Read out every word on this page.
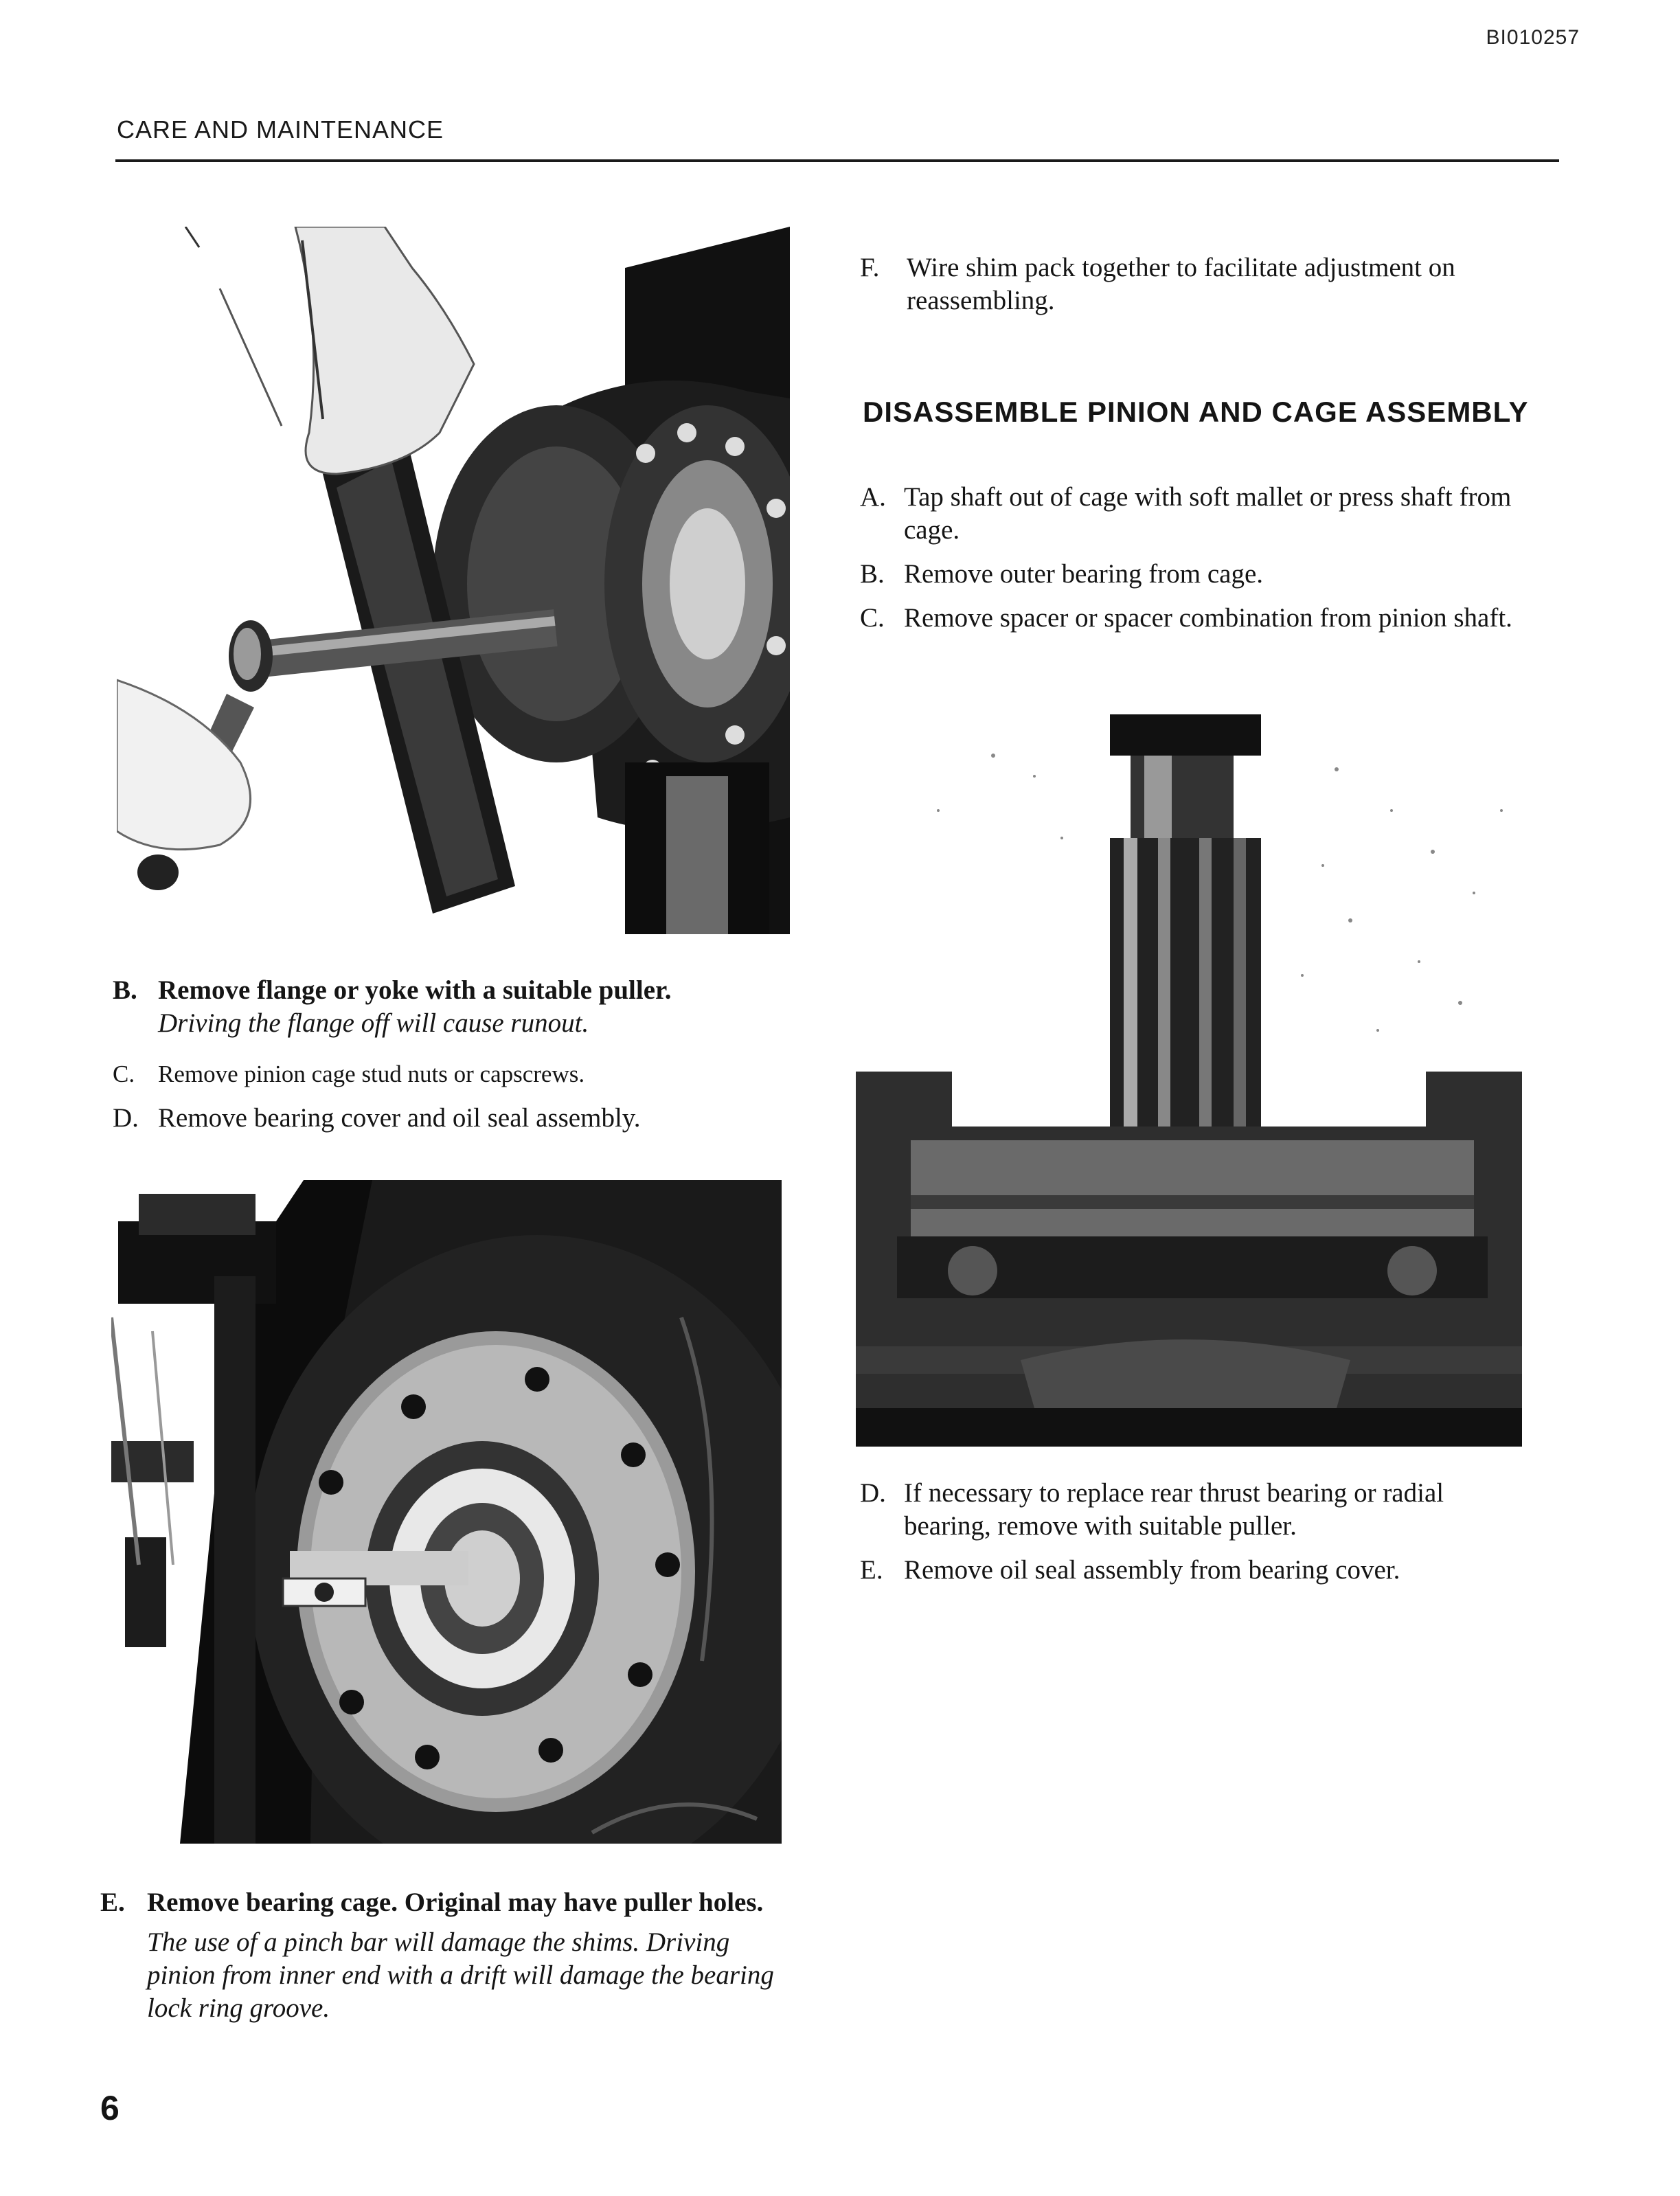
BI010257
CARE AND MAINTENANCE
B. Remove flange or yoke with a suitable puller.
Driving the flange off will cause runout.
C. Remove pinion cage stud nuts or capscrews.
D. Remove bearing cover and oil seal assembly.
E. Remove bearing cage. Original may have puller holes.
The use of a pinch bar will damage the shims. Driving pinion from inner end with a drift will damage the bearing lock ring groove.
F. Wire shim pack together to facilitate adjustment on reassembling.
DISASSEMBLE PINION AND CAGE ASSEMBLY
A. Tap shaft out of cage with soft mallet or press shaft from cage.
B. Remove outer bearing from cage.
C. Remove spacer or spacer combination from pinion shaft.
D. If necessary to replace rear thrust bearing or radial bearing, remove with suitable puller.
E. Remove oil seal assembly from bearing cover.
6
